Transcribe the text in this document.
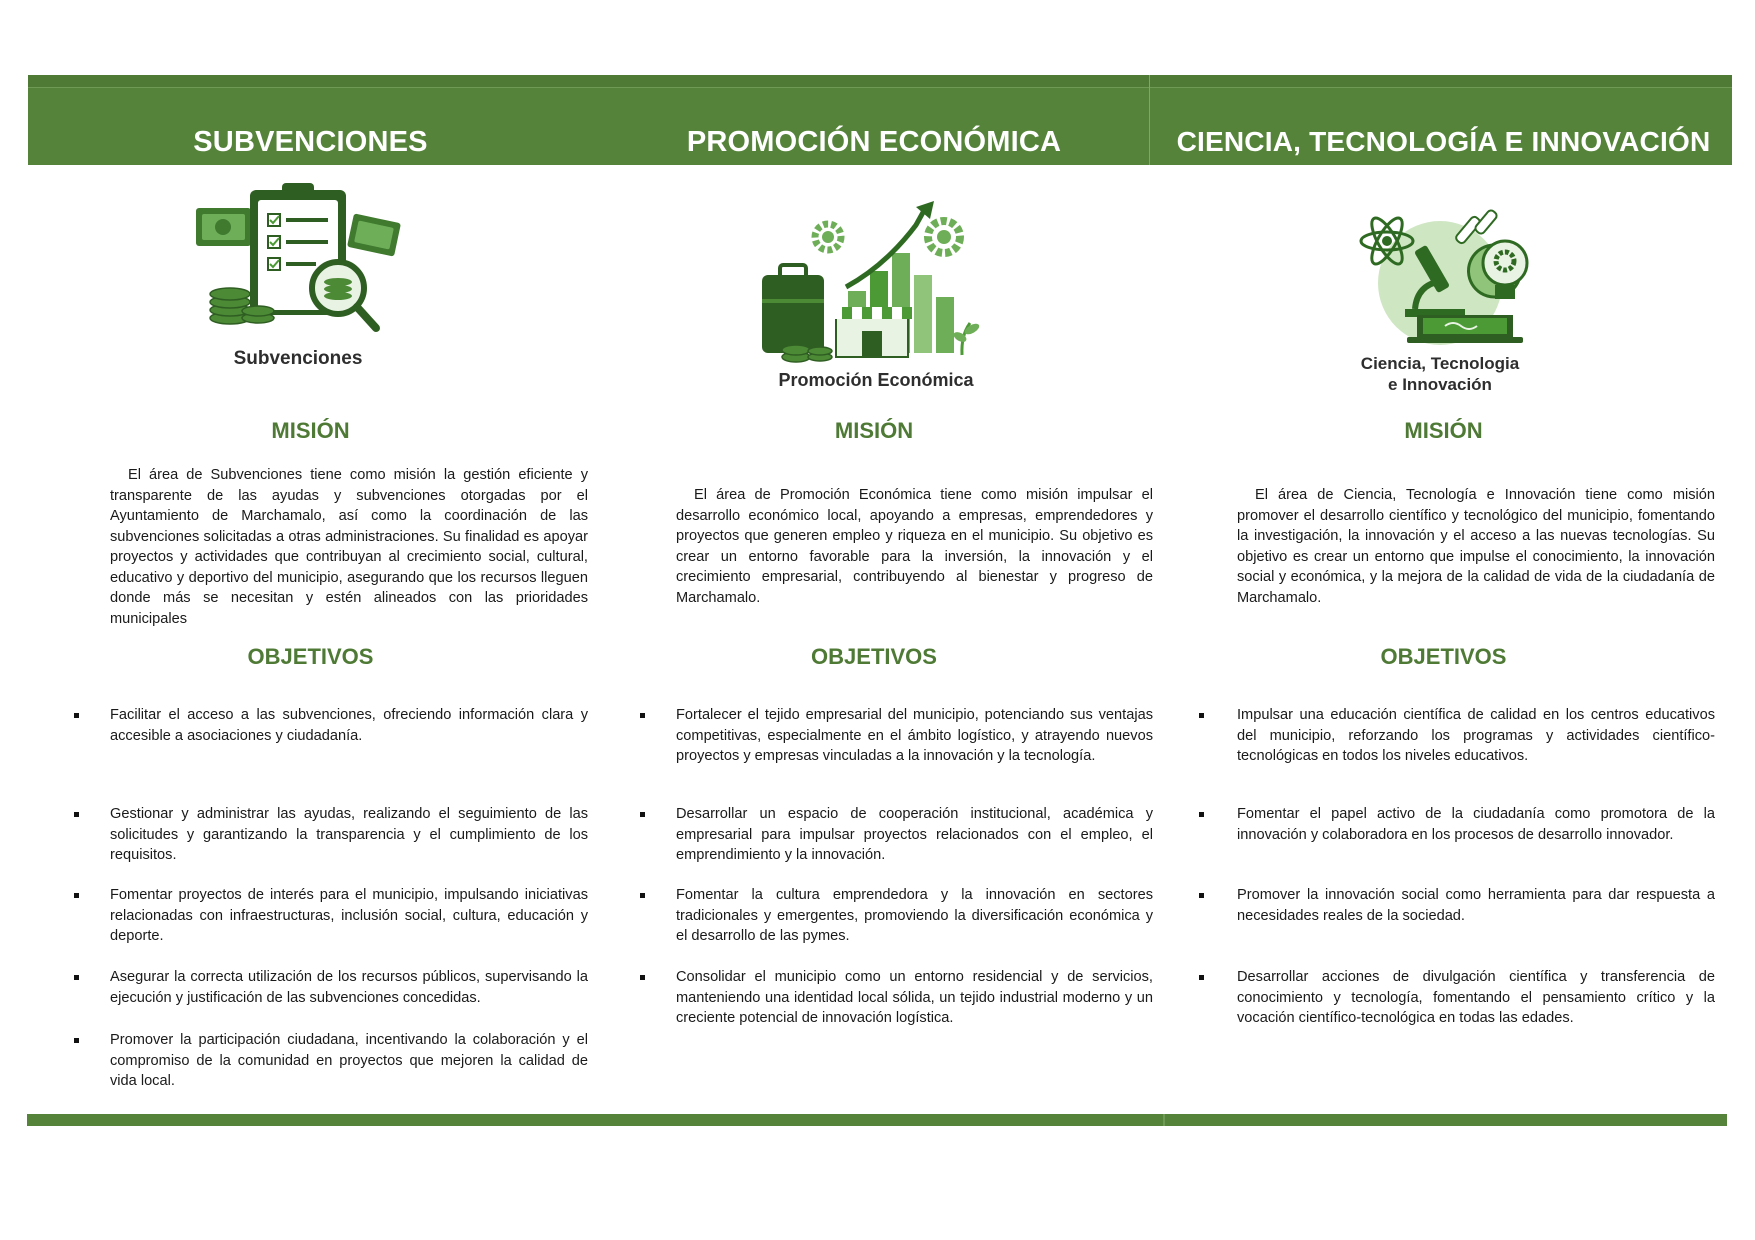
SUBVENCIONES
Subvenciones
MISIÓN
El área de Subvenciones tiene como misión la gestión eficiente y transparente de las ayudas y subvenciones otorgadas por el Ayuntamiento de Marchamalo, así como la coordinación de las subvenciones solicitadas a otras administraciones. Su finalidad es apoyar proyectos y actividades que contribuyan al crecimiento social, cultural, educativo y deportivo del municipio, asegurando que los recursos lleguen donde más se necesitan y estén alineados con las prioridades municipales
OBJETIVOS
Facilitar el acceso a las subvenciones, ofreciendo información clara y accesible a asociaciones y ciudadanía.
Gestionar y administrar las ayudas, realizando el seguimiento de las solicitudes y garantizando la transparencia y el cumplimiento de los requisitos.
Fomentar proyectos de interés para el municipio, impulsando iniciativas relacionadas con infraestructuras, inclusión social, cultura, educación y deporte.
Asegurar la correcta utilización de los recursos públicos, supervisando la ejecución y justificación de las subvenciones concedidas.
Promover la participación ciudadana, incentivando la colaboración y el compromiso de la comunidad en proyectos que mejoren la calidad de vida local.
PROMOCIÓN ECONÓMICA
Promoción Económica
MISIÓN
El área de Promoción Económica tiene como misión impulsar el desarrollo económico local, apoyando a empresas, emprendedores y proyectos que generen empleo y riqueza en el municipio. Su objetivo es crear un entorno favorable para la inversión, la innovación y el crecimiento empresarial, contribuyendo al bienestar y progreso de Marchamalo.
OBJETIVOS
Fortalecer el tejido empresarial del municipio, potenciando sus ventajas competitivas, especialmente en el ámbito logístico, y atrayendo nuevos proyectos y empresas vinculadas a la innovación y la tecnología.
Desarrollar un espacio de cooperación institucional, académica y empresarial para impulsar proyectos relacionados con el empleo, el emprendimiento y la innovación.
Fomentar la cultura emprendedora y la innovación en sectores tradicionales y emergentes, promoviendo la diversificación económica y el desarrollo de las pymes.
Consolidar el municipio como un entorno residencial y de servicios, manteniendo una identidad local sólida, un tejido industrial moderno y un creciente potencial de innovación logística.
CIENCIA, TECNOLOGÍA E INNOVACIÓN
Ciencia, Tecnologia
e Innovación
MISIÓN
El área de Ciencia, Tecnología e Innovación tiene como misión promover el desarrollo científico y tecnológico del municipio, fomentando la investigación, la innovación y el acceso a las nuevas tecnologías. Su objetivo es crear un entorno que impulse el conocimiento, la innovación social y económica, y la mejora de la calidad de vida de la ciudadanía de Marchamalo.
OBJETIVOS
Impulsar una educación científica de calidad en los centros educativos del municipio, reforzando los programas y actividades científico-tecnológicas en todos los niveles educativos.
Fomentar el papel activo de la ciudadanía como promotora de la innovación y colaboradora en los procesos de desarrollo innovador.
Promover la innovación social como herramienta para dar respuesta a necesidades reales de la sociedad.
Desarrollar acciones de divulgación científica y transferencia de conocimiento y tecnología, fomentando el pensamiento crítico y la vocación científico-tecnológica en todas las edades.
